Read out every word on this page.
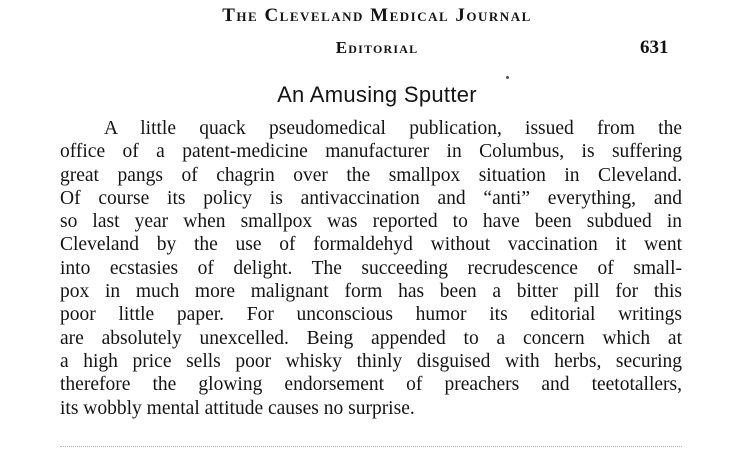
The Cleveland Medical Journal
Editorial	631
An Amusing Sputter

A little quack pseudomedical publication, issued from the
office of a patent-medicine manufacturer in Columbus, is suffering
great pangs of chagrin over the smallpox situation in Cleveland.
Of course its policy is antivaccination and “anti” everything, and
so last year when smallpox was reported to have been subdued in
Cleveland by the use of formaldehyd without vaccination it went
into ecstasies of delight. The succeeding recrudescence of small-
pox in much more malignant form has been a bitter pill for this
poor little paper. For unconscious humor its editorial writings
are absolutely unexcelled. Being appended to a concern which at
a high price sells poor whisky thinly disguised with herbs, securing
therefore the glowing endorsement of preachers and teetotallers,
its wobbly mental attitude causes no surprise.
